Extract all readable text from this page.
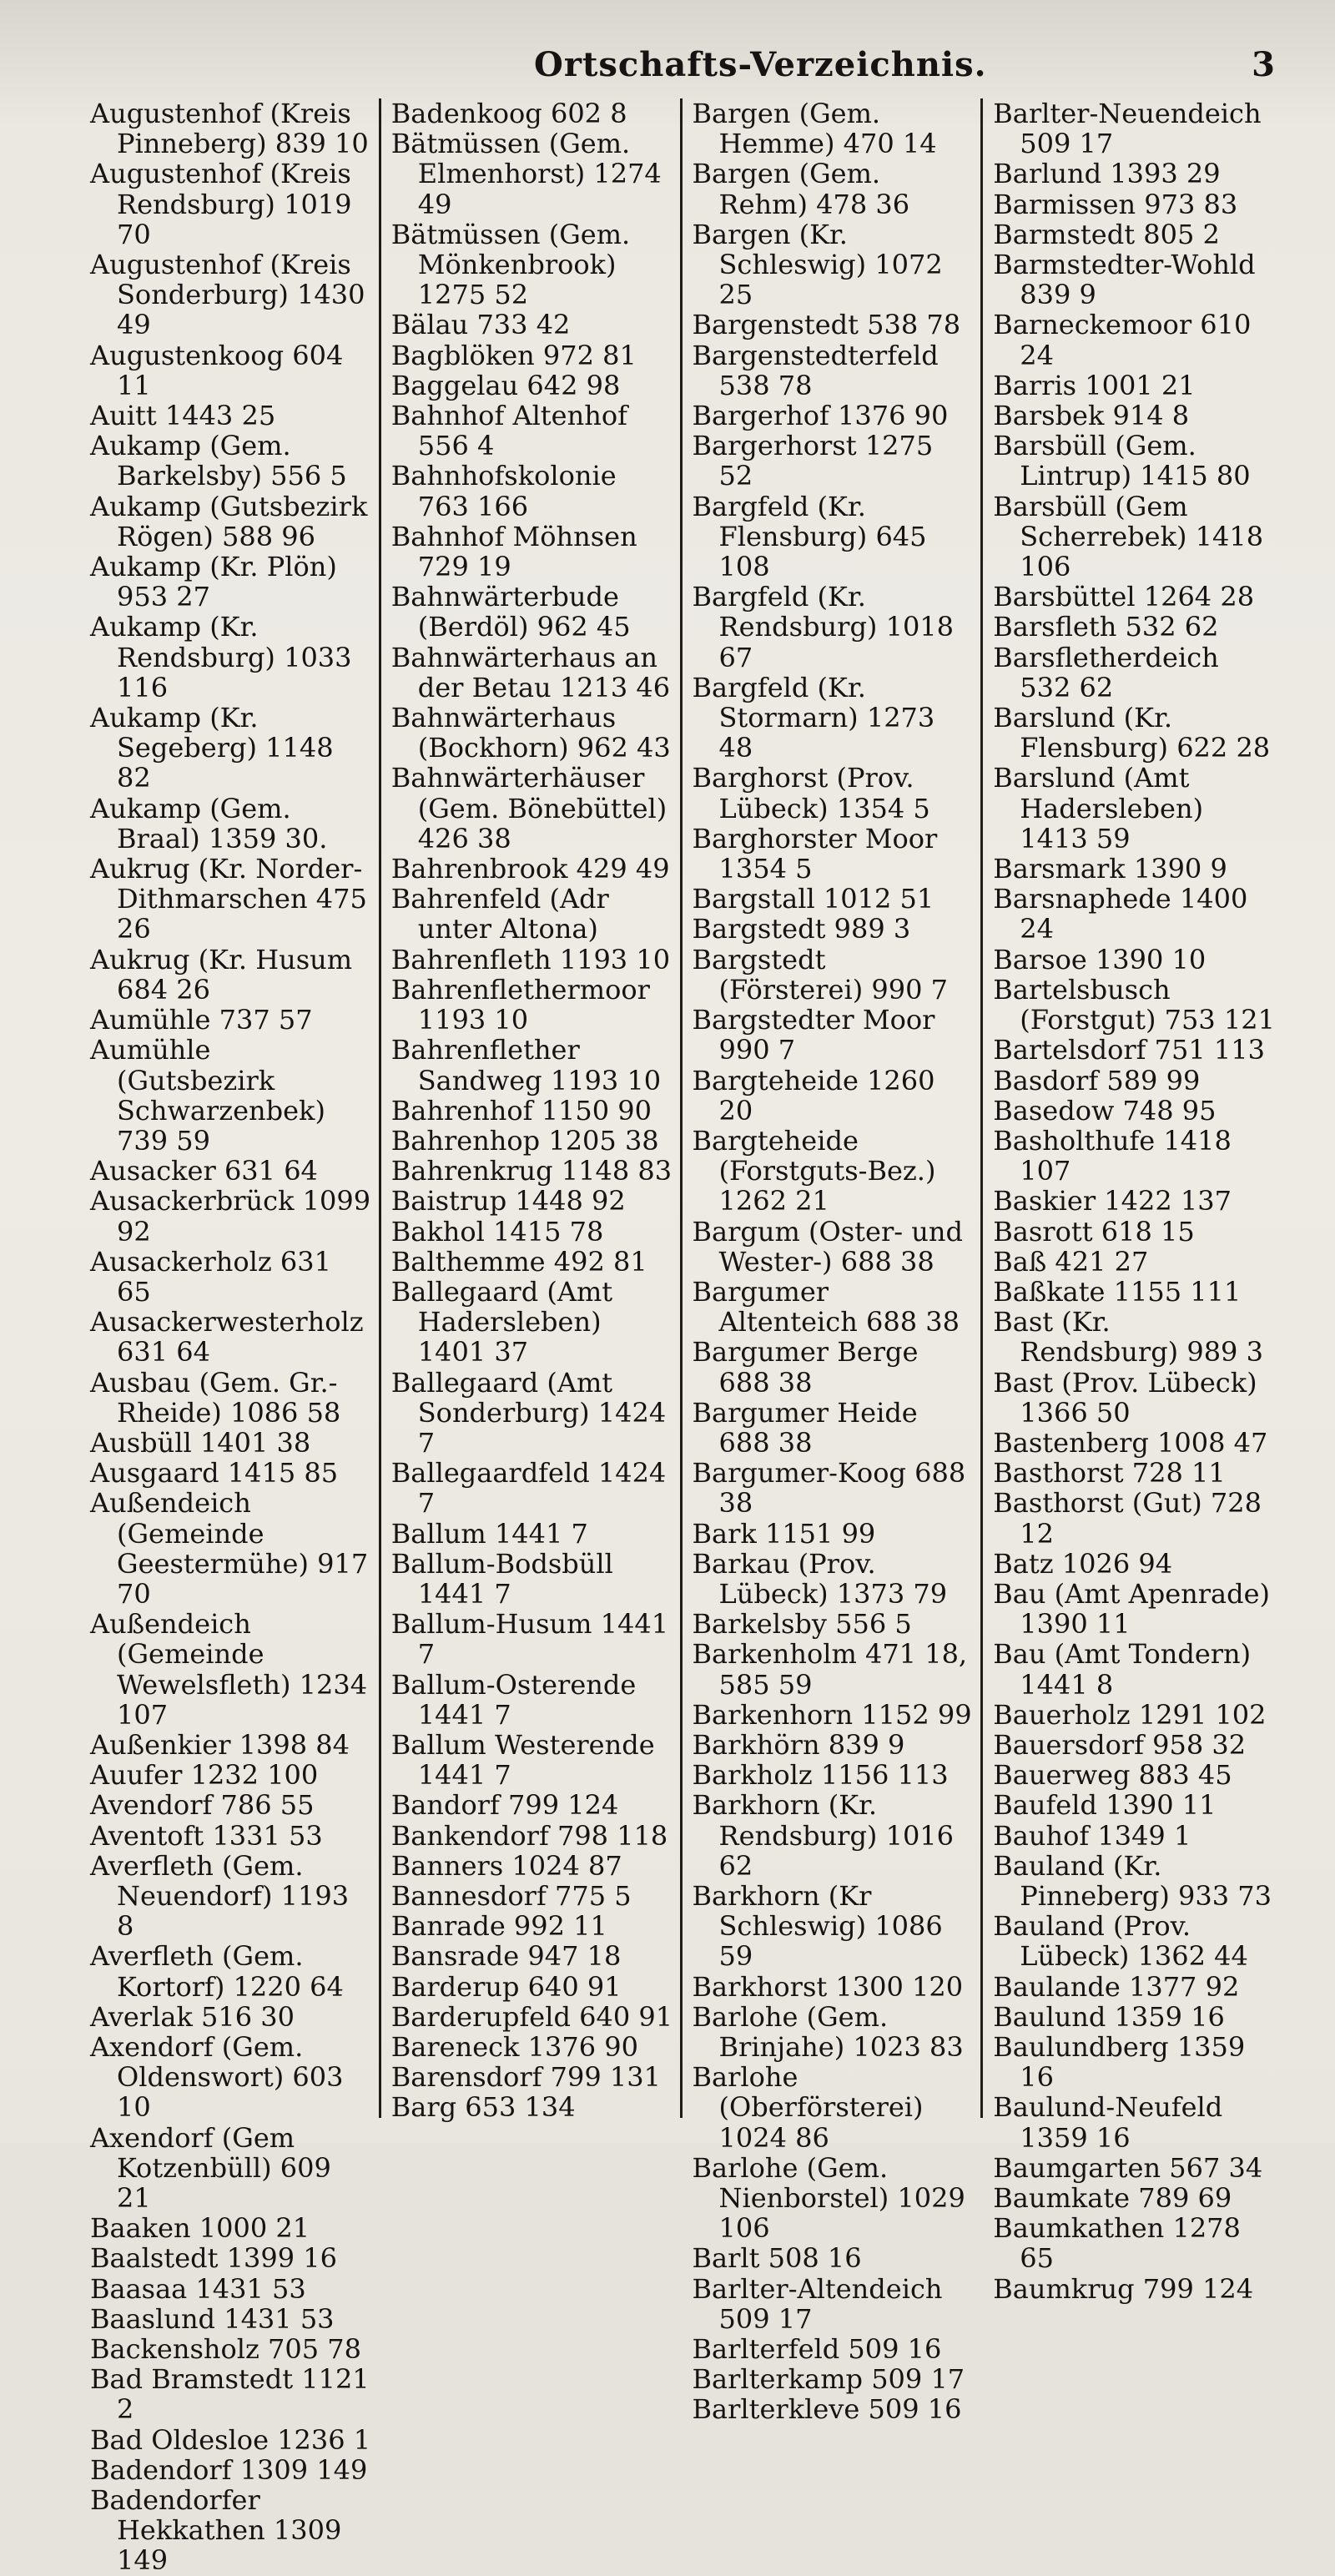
Ortschafts-Verzeichnis.	3
Augustenhof (Kreis Pinneberg) 839 10
Augustenhof (Kreis Rendsburg) 1019 70
Augustenhof (Kreis Sonderburg) 1430 49
Augustenkoog 604 11
Auitt 1443 25
Aukamp (Gem. Barkelsby) 556 5
Aukamp (Gutsbezirk Rögen) 588 96
Aukamp (Kr. Plön) 953 27
Aukamp (Kr. Rendsburg) 1033 116
Aukamp (Kr. Segeberg) 1148 82
Aukamp (Gem. Braal) 1359 30.
Aukrug (Kr. Norder-Dithmarschen 475 26
Aukrug (Kr. Husum 684 26
Aumühle 737 57
Aumühle (Gutsbezirk Schwarzenbek) 739 59
Ausacker 631 64
Ausackerbrück 1099 92
Ausackerholz 631 65
Ausackerwesterholz 631 64
Ausbau (Gem. Gr.-Rheide) 1086 58
Ausbüll 1401 38
Ausgaard 1415 85
Außendeich (Gemeinde Geestermühe) 917 70
Außendeich (Gemeinde Wewelsfleth) 1234 107
Außenkier 1398 84
Auufer 1232 100
Avendorf 786 55
Aventoft 1331 53
Averfleth (Gem. Neuendorf) 1193 8
Averfleth (Gem. Kortorf) 1220 64
Averlak 516 30
Axendorf (Gem. Oldenswort) 603 10
Axendorf (Gem Kotzenbüll) 609 21
Baaken 1000 21
Baalstedt 1399 16
Baasaa 1431 53
Baaslund 1431 53
Backensholz 705 78
Bad Bramstedt 1121 2
Bad Oldesloe 1236 1
Badendorf 1309 149
Badendorfer Hekkathen 1309 149
Badenkoog 602 8
Bätmüssen (Gem. Elmenhorst) 1274 49
Bätmüssen (Gem. Mönkenbrook) 1275 52
Bälau 733 42
Bagblöken 972 81
Baggelau 642 98
Bahnhof Altenhof 556 4
Bahnhofskolonie 763 166
Bahnhof Möhnsen 729 19
Bahnwärterbude (Berdöl) 962 45
Bahnwärterhaus an der Betau 1213 46
Bahnwärterhaus (Bockhorn) 962 43
Bahnwärterhäuser (Gem. Bönebüttel) 426 38
Bahrenbrook 429 49
Bahrenfeld (Adr unter Altona)
Bahrenfleth 1193 10
Bahrenflethermoor 1193 10
Bahrenflether Sandweg 1193 10
Bahrenhof 1150 90
Bahrenhop 1205 38
Bahrenkrug 1148 83
Baistrup 1448 92
Bakhol 1415 78
Balthemme 492 81
Ballegaard (Amt Hadersleben) 1401 37
Ballegaard (Amt Sonderburg) 1424 7
Ballegaardfeld 1424 7
Ballum 1441 7
Ballum-Bodsbüll 1441 7
Ballum-Husum 1441 7
Ballum-Osterende 1441 7
Ballum Westerende 1441 7
Bandorf 799 124
Bankendorf 798 118
Banners 1024 87
Bannesdorf 775 5
Banrade 992 11
Bansrade 947 18
Barderup 640 91
Barderupfeld 640 91
Bareneck 1376 90
Barensdorf 799 131
Barg 653 134
Bargen (Gem. Hemme) 470 14
Bargen (Gem. Rehm) 478 36
Bargen (Kr. Schleswig) 1072 25
Bargenstedt 538 78
Bargenstedterfeld 538 78
Bargerhof 1376 90
Bargerhorst 1275 52
Bargfeld (Kr. Flensburg) 645 108
Bargfeld (Kr. Rendsburg) 1018 67
Bargfeld (Kr. Stormarn) 1273 48
Barghorst (Prov. Lübeck) 1354 5
Barghorster Moor 1354 5
Bargstall 1012 51
Bargstedt 989 3
Bargstedt (Försterei) 990 7
Bargstedter Moor 990 7
Bargteheide 1260 20
Bargteheide (Forstguts-Bez.) 1262 21
Bargum (Oster- und Wester-) 688 38
Bargumer Altenteich 688 38
Bargumer Berge 688 38
Bargumer Heide 688 38
Bargumer-Koog 688 38
Bark 1151 99
Barkau (Prov. Lübeck) 1373 79
Barkelsby 556 5
Barkenholm 471 18, 585 59
Barkenhorn 1152 99
Barkhörn 839 9
Barkholz 1156 113
Barkhorn (Kr. Rendsburg) 1016 62
Barkhorn (Kr Schleswig) 1086 59
Barkhorst 1300 120
Barlohe (Gem. Brinjahe) 1023 83
Barlohe (Oberförsterei) 1024 86
Barlohe (Gem. Nienborstel) 1029 106
Barlt 508 16
Barlter-Altendeich 509 17
Barlterfeld 509 16
Barlterkamp 509 17
Barlterkleve 509 16
Barlter-Neuendeich 509 17
Barlund 1393 29
Barmissen 973 83
Barmstedt 805 2
Barmstedter-Wohld 839 9
Barneckemoor 610 24
Barris 1001 21
Barsbek 914 8
Barsbüll (Gem. Lintrup) 1415 80
Barsbüll (Gem Scherrebek) 1418 106
Barsbüttel 1264 28
Barsfleth 532 62
Barsfletherdeich 532 62
Barslund (Kr. Flensburg) 622 28
Barslund (Amt Hadersleben) 1413 59
Barsmark 1390 9
Barsnaphede 1400 24
Barsoe 1390 10
Bartelsbusch (Forstgut) 753 121
Bartelsdorf 751 113
Basdorf 589 99
Basedow 748 95
Basholthufe 1418 107
Baskier 1422 137
Basrott 618 15
Baß 421 27
Baßkate 1155 111
Bast (Kr. Rendsburg) 989 3
Bast (Prov. Lübeck) 1366 50
Bastenberg 1008 47
Basthorst 728 11
Basthorst (Gut) 728 12
Batz 1026 94
Bau (Amt Apenrade) 1390 11
Bau (Amt Tondern) 1441 8
Bauerholz 1291 102
Bauersdorf 958 32
Bauerweg 883 45
Baufeld 1390 11
Bauhof 1349 1
Bauland (Kr. Pinneberg) 933 73
Bauland (Prov. Lübeck) 1362 44
Baulande 1377 92
Baulund 1359 16
Baulundberg 1359 16
Baulund-Neufeld 1359 16
Baumgarten 567 34
Baumkate 789 69
Baumkathen 1278 65
Baumkrug 799 124
